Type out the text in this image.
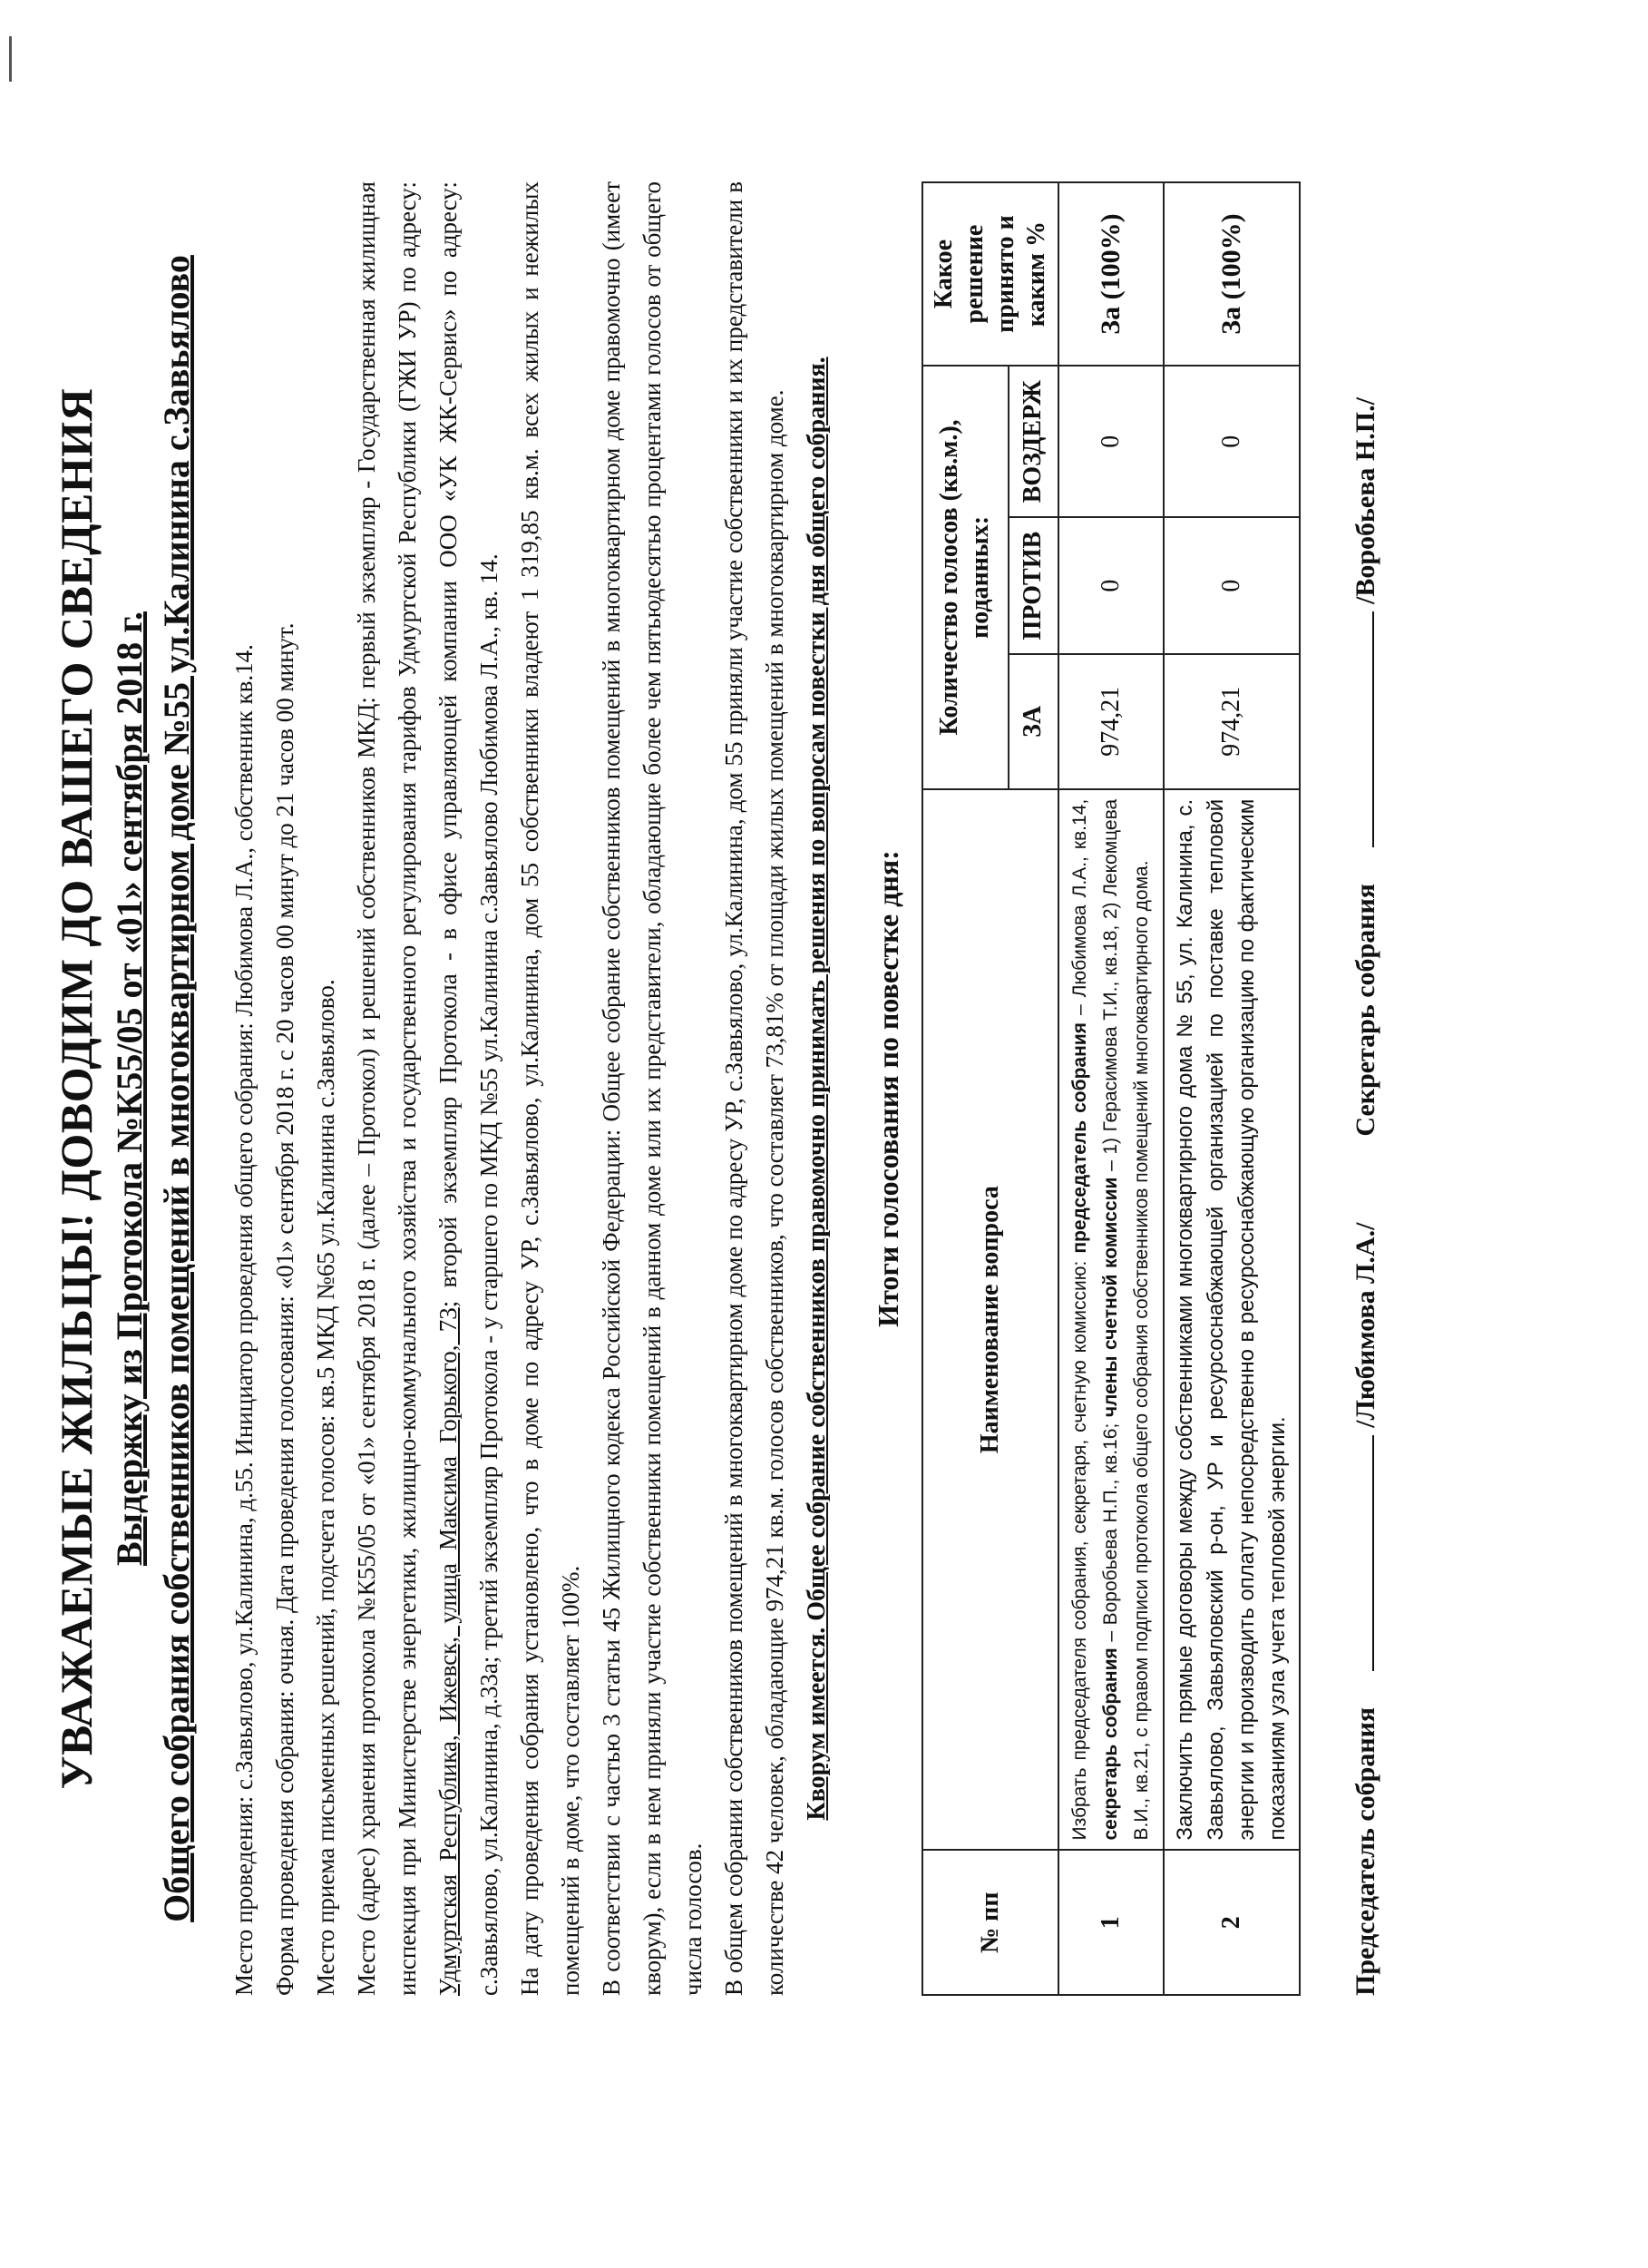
УВАЖАЕМЫЕ ЖИЛЬЦЫ! ДОВОДИМ ДО ВАШЕГО СВЕДЕНИЯ Выдержку из Протокола №К55/05 от «01» сентября 2018 г. Общего собрания собственников помещений в многоквартирном доме №55 ул.Калинина с.Завьялово Место проведения: с.Завьялово, ул.Калинина, д.55. Инициатор проведения общего собрания: Любимова Л.А., собственник кв.14. Форма проведения собрания: очная. Дата проведения голосования: «01» сентября 2018 г. с 20 часов 00 минут до 21 часов 00 минут. Место приема письменных решений, подсчета голосов: кв.5 МКД №65 ул.Калинина с.Завьялово. Место (адрес) хранения протокола №К55/05 от «01» сентября 2018 г. (далее – Протокол) и решений собственников МКД: первый экземпляр - Государственная жилищная инспекция при Министерстве энергетики, жилищно-коммунального хозяйства и государственного регулирования тарифов Удмуртской Республики (ГЖИ УР) по адресу: Удмуртская Республика, Ижевск, улица Максима Горького, 73; второй экземпляр Протокола - в офисе управляющей компании ООО «УК ЖК-Сервис» по адресу: с.Завьялово, ул.Калинина, д.33а; третий экземпляр Протокола - у старшего по МКД №55 ул.Калинина с.Завьялово Любимова Л.А., кв. 14. На дату проведения собрания установлено, что в доме по адресу УР, с.Завьялово, ул.Калинина, дом 55 собственники владеют 1 319,85 кв.м. всех жилых и нежилых помещений в доме, что составляет 100%. В соответствии с частью 3 статьи 45 Жилищного кодекса Российской Федерации: Общее собрание собственников помещений в многоквартирном доме правомочно (имеет кворум), если в нем приняли участие собственники помещений в данном доме или их представители, обладающие более чем пятьюдесятью процентами голосов от общего числа голосов. В общем собрании собственников помещений в многоквартирном доме по адресу УР, с.Завьялово, ул.Калинина, дом 55 приняли участие собственники и их представители в количестве 42 человек, обладающие 974,21 кв.м. голосов собственников, что составляет 73,81% от площади жилых помещений в многоквартирном доме. Кворум имеется. Общее собрание собственников правомочно принимать решения по вопросам повестки дня общего собрания. Итоги голосования по повестке дня:
№ пп	Наименование вопроса	Количество голосов (кв.м.), поданных:			Какое решение принято и каким %
		ЗА	ПРОТИВ	ВОЗДЕРЖ	
1	Избрать председателя собрания, секретаря, счетную комиссию: председатель собрания – Любимова Л.А., кв.14, секретарь собрания – Воробьева Н.П., кв.16; члены счетной комиссии – 1) Герасимова Т.И., кв.18, 2) Лекомцева В.И., кв.21, с правом подписи протокола общего собрания собственников помещений многоквартирного дома.	974,21	0	0	За (100%)
2	Заключить прямые договоры между собственниками многоквартирного дома № 55, ул. Калинина, с. Завьялово, Завьяловский р-он, УР и ресурсоснабжающей организацией по поставке тепловой энергии и производить оплату непосредственно в ресурсоснабжающую организацию по фактическим показаниям узла учета тепловой энергии.	974,21	0	0	За (100%)
Председатель собрания
/Любимова Л.А./
Секретарь собрания
/Воробьева Н.П./
